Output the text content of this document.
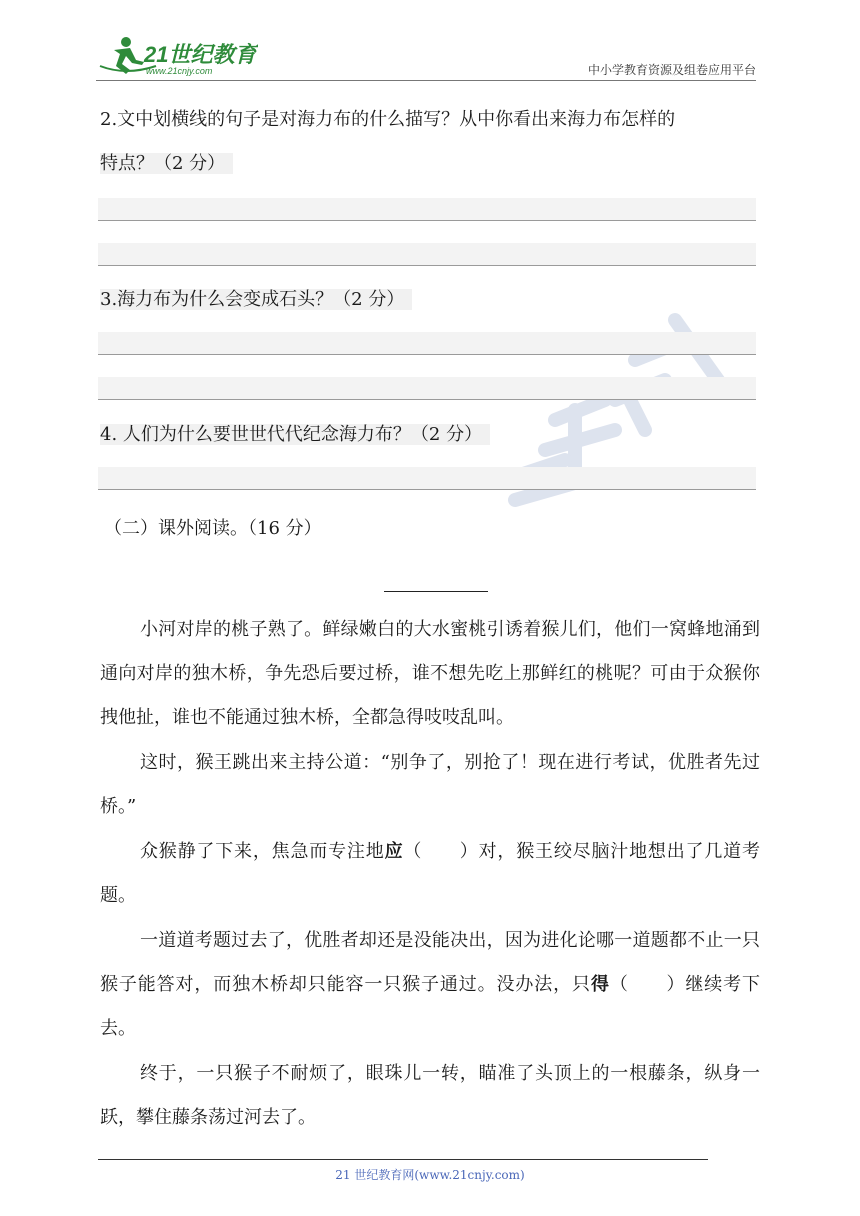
21世纪教育
www.21cnjy.com	中小学教育资源及组卷应用平台
2.文中划横线的句子是对海力布的什么描写？从中你看出来海力布怎样的
特点？（2 分）
3.海力布为什么会变成石头？（2 分）
4. 人们为什么要世世代代纪念海力布？（2 分）
（二）课外阅读。（16 分）

小河对岸的桃子熟了。鲜绿嫩白的大水蜜桃引诱着猴儿们，他们一窝蜂地涌到通向对岸的独木桥，争先恐后要过桥，谁不想先吃上那鲜红的桃呢？可由于众猴你拽他扯，谁也不能通过独木桥，全都急得吱吱乱叫。

这时，猴王跳出来主持公道：“别争了，别抢了！现在进行考试，优胜者先过桥。”

众猴静了下来，焦急而专注地应（　　）对，猴王绞尽脑汁地想出了几道考题。

一道道考题过去了，优胜者却还是没能决出，因为进化论哪一道题都不止一只猴子能答对，而独木桥却只能容一只猴子通过。没办法，只得（　　）继续考下去。

终于，一只猴子不耐烦了，眼珠儿一转，瞄准了头顶上的一根藤条，纵身一跃，攀住藤条荡过河去了。

21 世纪教育网(www.21cnjy.com)
